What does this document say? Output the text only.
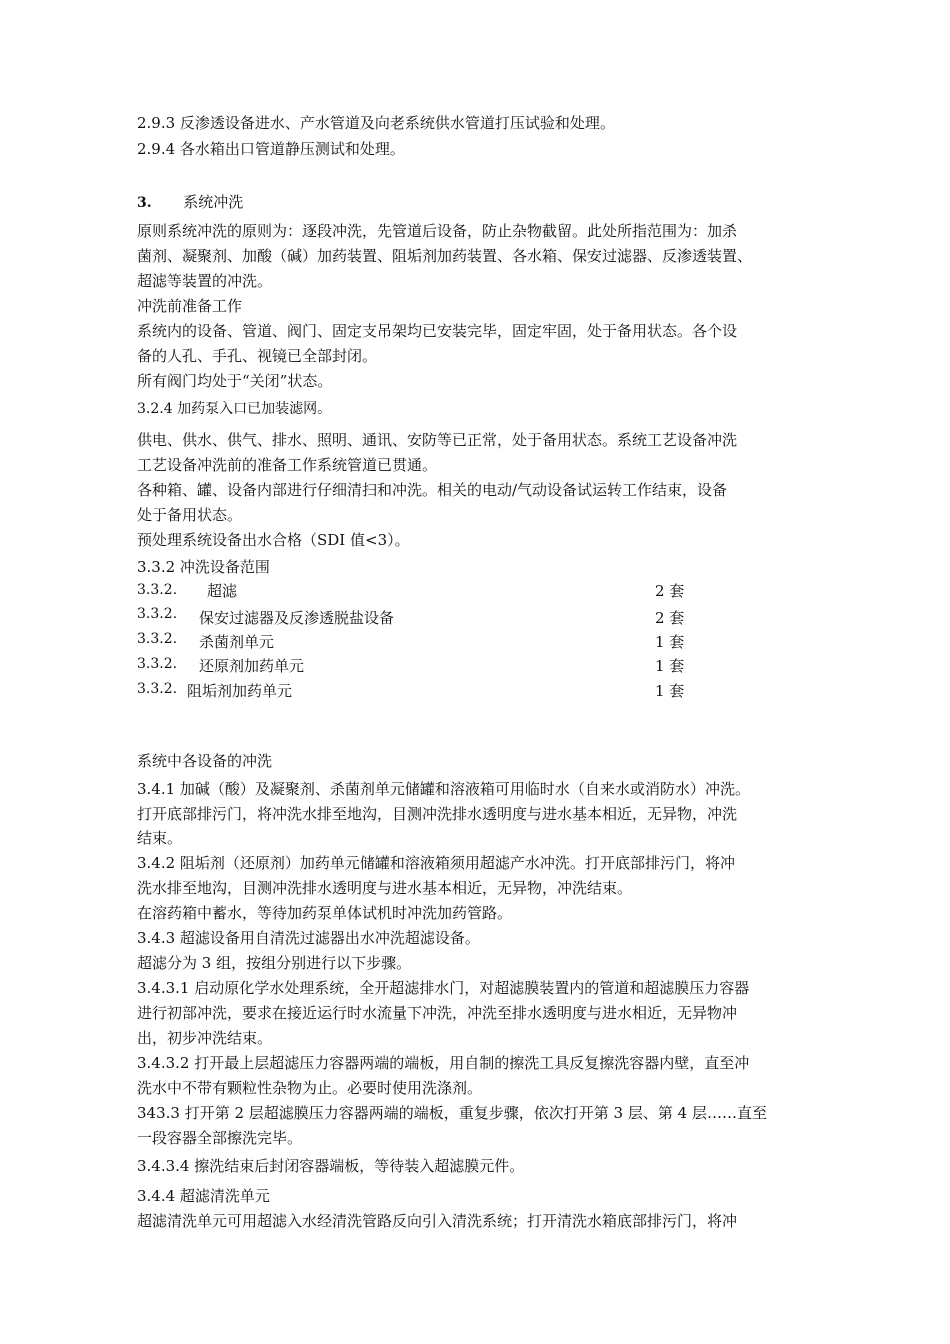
2.9.3 反渗透设备进水、产水管道及向老系统供水管道打压试验和处理。
2.9.4 各水箱出口管道静压测试和处理。
3. 系统冲洗
原则系统冲洗的原则为：逐段冲洗，先管道后设备，防止杂物截留。此处所指范围为：加杀
菌剂、凝聚剂、加酸（碱）加药装置、阻垢剂加药装置、各水箱、保安过滤器、反渗透装置、
超滤等装置的冲洗。
冲洗前准备工作
系统内的设备、管道、阀门、固定支吊架均已安装完毕，固定牢固，处于备用状态。各个设
备的人孔、手孔、视镜已全部封闭。
所有阀门均处于“关闭”状态。
3.2.4 加药泵入口已加装滤网。
供电、供水、供气、排水、照明、通讯、安防等已正常，处于备用状态。系统工艺设备冲洗
工艺设备冲洗前的准备工作系统管道已贯通。
各种箱、罐、设备内部进行仔细清扫和冲洗。相关的电动/气动设备试运转工作结束，设备
处于备用状态。
预处理系统设备出水合格（SDI 值<3）。
3.3.2 冲洗设备范围
3.3.2. 超滤	2 套
3.3.2. 保安过滤器及反渗透脱盐设备	2 套
3.3.2. 杀菌剂单元	1 套
3.3.2. 还原剂加药单元	1 套
3.3.2. 阻垢剂加药单元	1 套
系统中各设备的冲洗
3.4.1 加碱（酸）及凝聚剂、杀菌剂单元储罐和溶液箱可用临时水（自来水或消防水）冲洗。
打开底部排污门，将冲洗水排至地沟，目测冲洗排水透明度与进水基本相近，无异物，冲洗
结束。
3.4.2 阻垢剂（还原剂）加药单元储罐和溶液箱须用超滤产水冲洗。打开底部排污门，将冲
洗水排至地沟，目测冲洗排水透明度与进水基本相近，无异物，冲洗结束。
在溶药箱中蓄水，等待加药泵单体试机时冲洗加药管路。
3.4.3 超滤设备用自清洗过滤器出水冲洗超滤设备。
超滤分为 3 组，按组分别进行以下步骤。
3.4.3.1 启动原化学水处理系统，全开超滤排水门，对超滤膜装置内的管道和超滤膜压力容器
进行初部冲洗，要求在接近运行时水流量下冲洗，冲洗至排水透明度与进水相近，无异物冲
出，初步冲洗结束。
3.4.3.2 打开最上层超滤压力容器两端的端板，用自制的擦洗工具反复擦洗容器内壁，直至冲
洗水中不带有颗粒性杂物为止。必要时使用洗涤剂。
343.3 打开第 2 层超滤膜压力容器两端的端板，重复步骤，依次打开第 3 层、第 4 层……直至
一段容器全部擦洗完毕。
3.4.3.4 擦洗结束后封闭容器端板，等待装入超滤膜元件。
3.4.4 超滤清洗单元
超滤清洗单元可用超滤入水经清洗管路反向引入清洗系统；打开清洗水箱底部排污门，将冲
